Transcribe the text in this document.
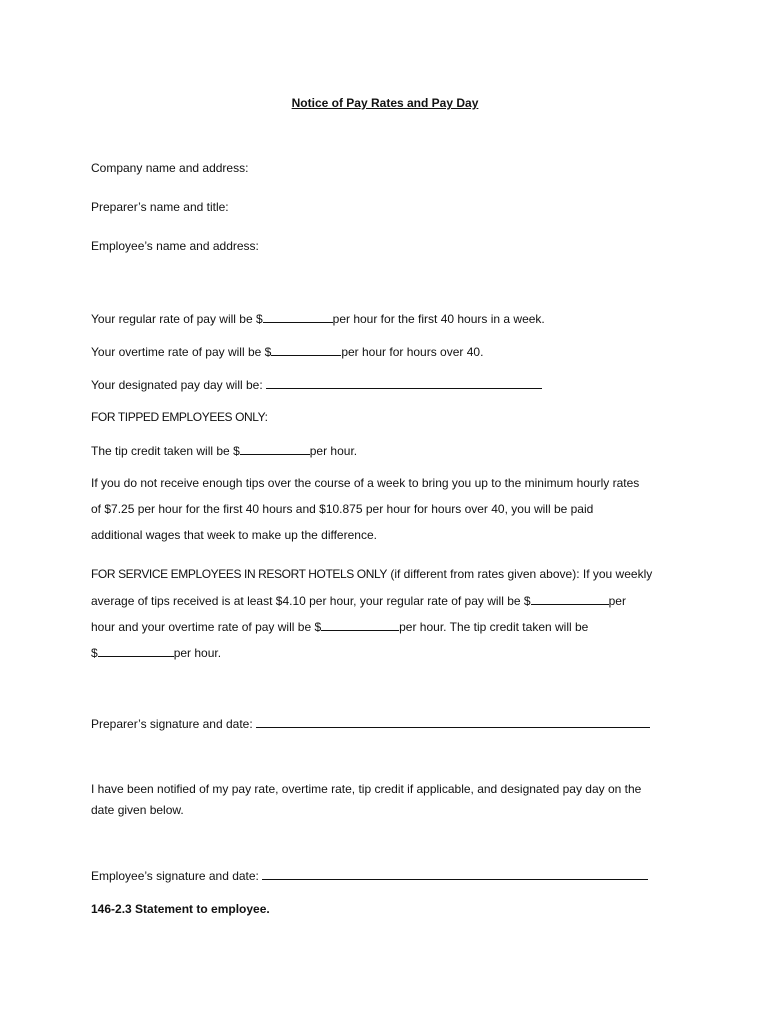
Notice of Pay Rates and Pay Day
Company name and address:
Preparer’s name and title:
Employee’s name and address:
Your regular rate of pay will be $	per hour for the first 40 hours in a week.
Your overtime rate of pay will be $	per hour for hours over 40.
Your designated pay day will be:
FOR TIPPED EMPLOYEES ONLY:
The tip credit taken will be $	per hour.
If you do not receive enough tips over the course of a week to bring you up to the minimum hourly rates
of $7.25 per hour for the first 40 hours and $10.875 per hour for hours over 40, you will be paid
additional wages that week to make up the difference.
FOR SERVICE EMPLOYEES IN RESORT HOTELS ONLY (if different from rates given above): If you weekly
average of tips received is at least $4.10 per hour, your regular rate of pay will be $	per
hour and your overtime rate of pay will be $	per hour. The tip credit taken will be
$	per hour.
Preparer’s signature and date:
I have been notified of my pay rate, overtime rate, tip credit if applicable, and designated pay day on the
date given below.
Employee’s signature and date:
146-2.3 Statement to employee.
